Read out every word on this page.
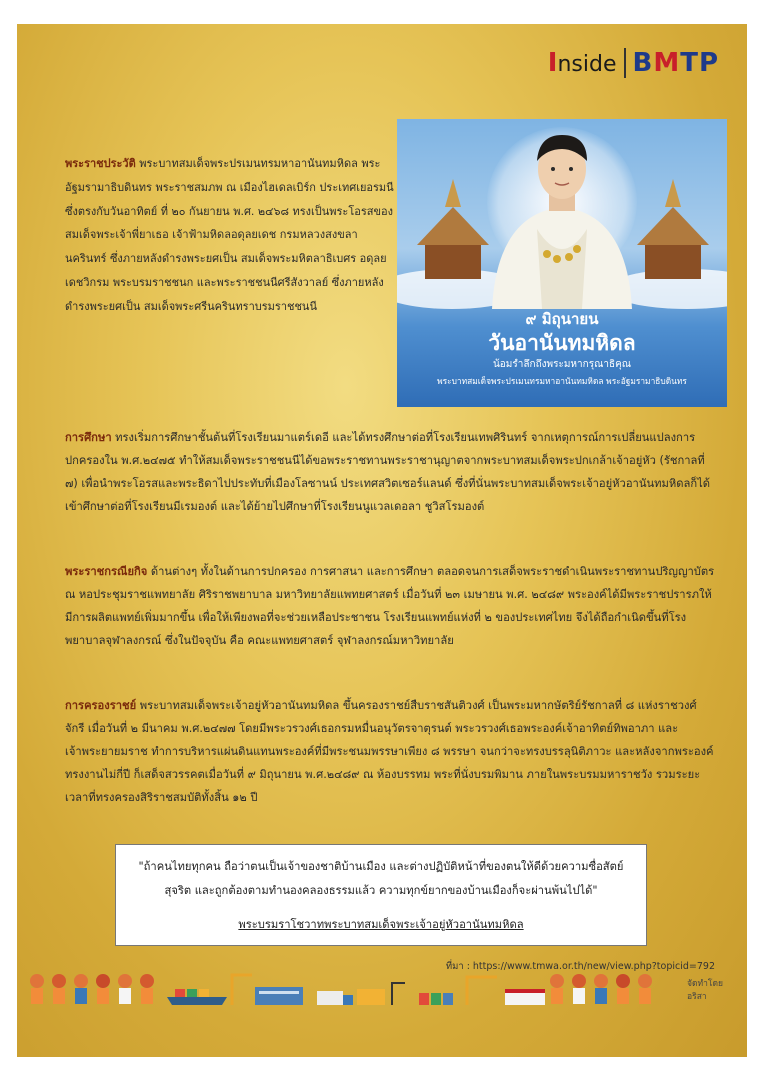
Inside BMTP
๙ มิถุนายน
วันอานันทมหิดล
น้อมรำลึกถึงพระมหากรุณาธิคุณ
พระบาทสมเด็จพระปรเมนทรมหาอานันทมหิดล พระอัฐมรามาธิบดินทร

พระราชประวัติ พระบาทสมเด็จพระปรเมนทรมหาอานันทมหิดล พระอัฐมรามาธิบดินทร พระราชสมภพ ณ เมืองไฮเดลเบิร์ก ประเทศเยอรมนี ซึ่งตรงกับวันอาทิตย์ ที่ ๒๐ กันยายน พ.ศ. ๒๔๖๘ ทรงเป็นพระโอรสของสมเด็จพระเจ้าพี่ยาเธอ เจ้าฟ้ามหิดลอดุลยเดช กรมหลวงสงขลานครินทร์ ซึ่งภายหลังดำรงพระยศเป็น สมเด็จพระมหิตลาธิเบศร อดุลยเดชวิกรม พระบรมราชชนก และพระราชชนนีศรีสังวาลย์ ซึ่งภายหลังดำรงพระยศเป็น สมเด็จพระศรีนครินทราบรมราชชนนี

การศึกษา ทรงเริ่มการศึกษาชั้นต้นที่โรงเรียนมาแตร์เดอี และได้ทรงศึกษาต่อที่โรงเรียนเทพศิรินทร์ จากเหตุการณ์การเปลี่ยนแปลงการปกครองใน พ.ศ.๒๔๗๕ ทำให้สมเด็จพระราชชนนีได้ขอพระราชทานพระราชานุญาตจากพระบาทสมเด็จพระปกเกล้าเจ้าอยู่หัว (รัชกาลที่ ๗) เพื่อนำพระโอรสและพระธิดาไปประทับที่เมืองโลซานน์ ประเทศสวิตเซอร์แลนด์ ซึ่งที่นั่นพระบาทสมเด็จพระเจ้าอยู่หัวอานันทมหิดลก็ได้เข้าศึกษาต่อที่โรงเรียนมีเรมองต์ และได้ย้ายไปศึกษาที่โรงเรียนนูแวลเดอลา ชูวิสโรมองต์

พระราชกรณียกิจ ด้านต่างๆ ทั้งในด้านการปกครอง การศาสนา และการศึกษา ตลอดจนการเสด็จพระราชดำเนินพระราชทานปริญญาบัตร ณ หอประชุมราชแพทยาลัย ศิริราชพยาบาล มหาวิทยาลัยแพทยศาสตร์ เมื่อวันที่ ๒๓ เมษายน พ.ศ. ๒๔๘๙ พระองค์ได้มีพระราชปรารภให้มีการผลิตแพทย์เพิ่มมากขึ้น เพื่อให้เพียงพอที่จะช่วยเหลือประชาชน โรงเรียนแพทย์แห่งที่ ๒ ของประเทศไทย จึงได้ถือกำเนิดขึ้นที่โรงพยาบาลจุฬาลงกรณ์ ซึ่งในปัจจุบัน คือ คณะแพทยศาสตร์ จุฬาลงกรณ์มหาวิทยาลัย

การครองราชย์ พระบาทสมเด็จพระเจ้าอยู่หัวอานันทมหิดล ขึ้นครองราชย์สืบราชสันติวงศ์ เป็นพระมหากษัตริย์รัชกาลที่ ๘ แห่งราชวงศ์จักรี เมื่อวันที่ ๒ มีนาคม พ.ศ.๒๔๗๗ โดยมีพระวรวงศ์เธอกรมหมื่นอนุวัตรจาตุรนต์ พระวรวงศ์เธอพระองค์เจ้าอาทิตย์ทิพอาภา และเจ้าพระยายมราช ทำการบริหารแผ่นดินแทนพระองค์ที่มีพระชนมพรรษาเพียง ๘ พรรษา จนกว่าจะทรงบรรลุนิติภาวะ และหลังจากพระองค์ทรงงานไม่กี่ปี ก็เสด็จสวรรคตเมื่อวันที่ ๙ มิถุนายน พ.ศ.๒๔๘๙ ณ ห้องบรรทม พระที่นั่งบรมพิมาน ภายในพระบรมมหาราชวัง รวมระยะเวลาที่ทรงครองสิริราชสมบัติทั้งสิ้น ๑๒ ปี

"ถ้าคนไทยทุกคน ถือว่าตนเป็นเจ้าของชาติบ้านเมือง และต่างปฏิบัติหน้าที่ของตนให้ดีด้วยความซื่อสัตย์
สุจริต และถูกต้องตามทำนองคลองธรรมแล้ว ความทุกข์ยากของบ้านเมืองก็จะผ่านพ้นไปได้"
พระบรมราโชวาทพระบาทสมเด็จพระเจ้าอยู่หัวอานันทมหิดล
ที่มา : https://www.tmwa.or.th/new/view.php?topicid=792
จัดทำโดย
อริสา
